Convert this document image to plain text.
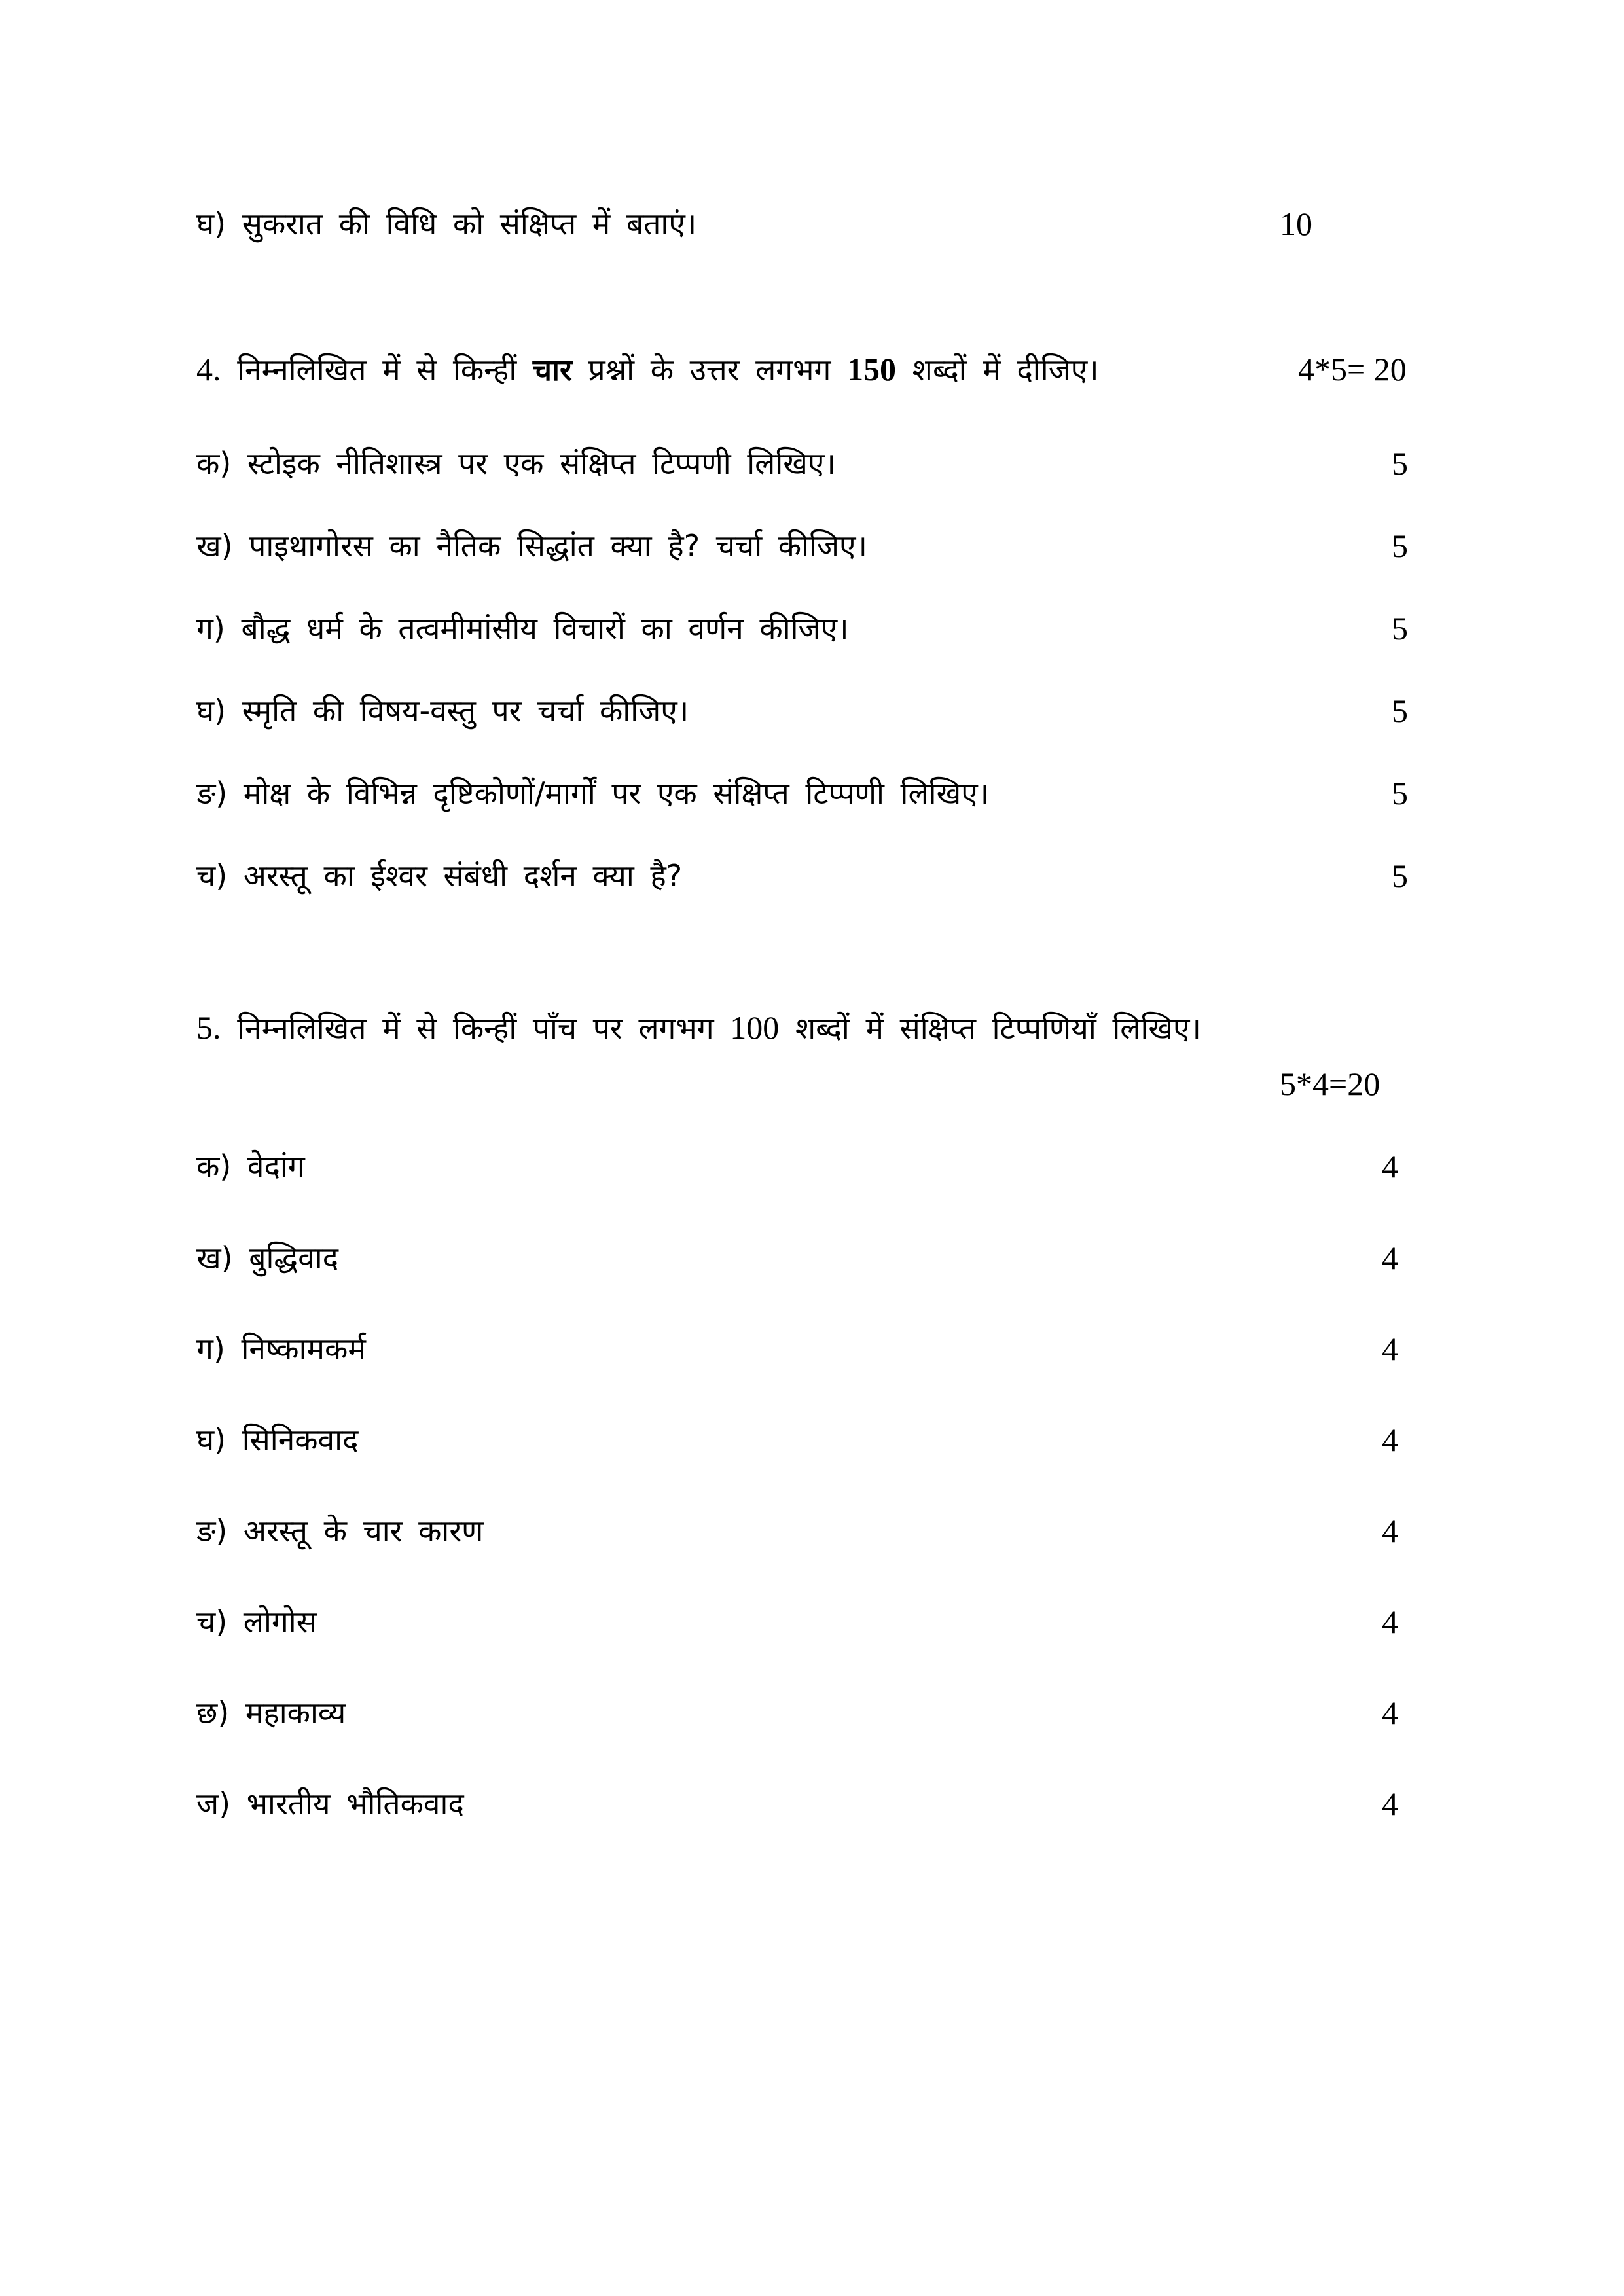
घ) सुकरात की विधि को संक्षिप्त में बताएं।	10
4. निम्नलिखित में से किन्हीं चार प्रश्नों के उत्तर लगभग 150 शब्दों में दीजिए।	4*5= 20
क) स्टोइक नीतिशास्त्र पर एक संक्षिप्त टिप्पणी लिखिए।	5
ख) पाइथागोरस का नैतिक सिद्धांत क्या है? चर्चा कीजिए।	5
ग) बौद्ध धर्म के तत्वमीमांसीय विचारों का वर्णन कीजिए।	5
घ) स्मृति की विषय-वस्तु पर चर्चा कीजिए।	5
ङ) मोक्ष के विभिन्न दृष्टिकोणों/मार्गों पर एक संक्षिप्त टिप्पणी लिखिए।	5
च) अरस्तू का ईश्वर संबंधी दर्शन क्या है?	5
5. निम्नलिखित में से किन्हीं पाँच पर लगभग 100 शब्दों में संक्षिप्त टिप्पणियाँ लिखिए।
5*4=20
क) वेदांग	4
ख) बुद्धिवाद	4
ग) निष्कामकर्म	4
घ) सिनिकवाद	4
ङ) अरस्तू के चार कारण	4
च) लोगोस	4
छ) महाकाव्य	4
ज) भारतीय भौतिकवाद	4
